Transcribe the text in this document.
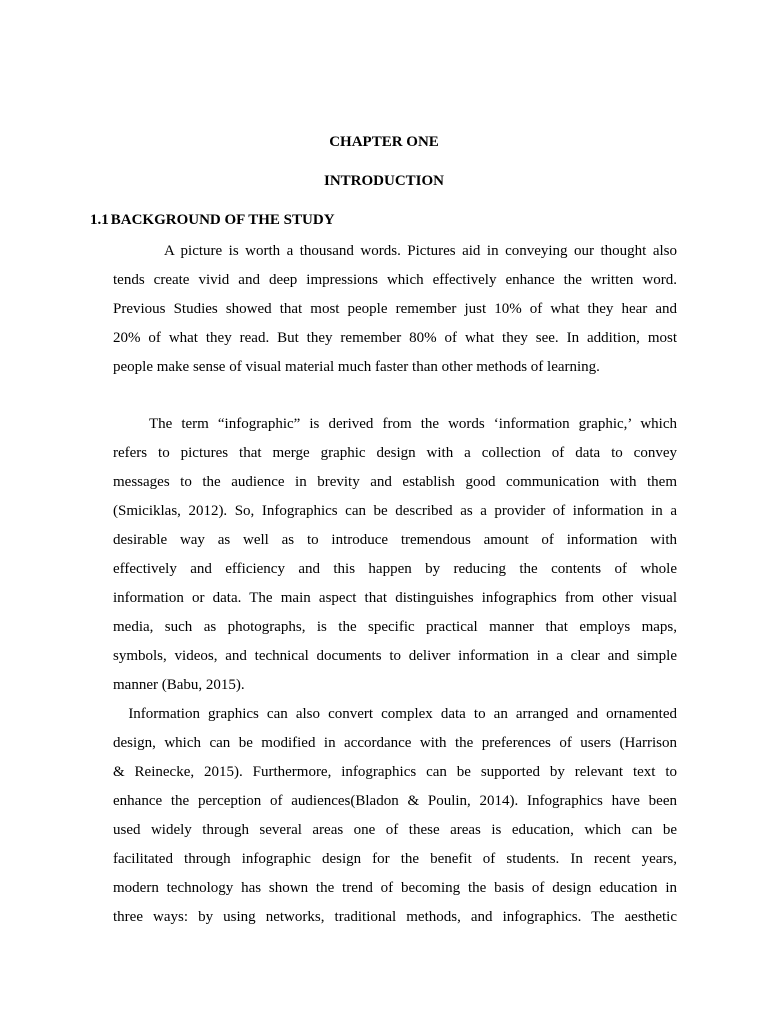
CHAPTER ONE

INTRODUCTION

1.1 BACKGROUND OF THE STUDY

A picture is worth a thousand words. Pictures aid in conveying our thought also
tends create vivid and deep impressions which effectively enhance the written word.
Previous Studies showed that most people remember just 10% of what they hear and
20% of what they read. But they remember 80% of what they see. In addition, most
people make sense of visual material much faster than other methods of learning.
The term “infographic” is derived from the words ‘information graphic,’ which
refers to pictures that merge graphic design with a collection of data to convey
messages to the audience in brevity and establish good communication with them
(Smiciklas, 2012). So, Infographics can be described as a provider of information in a
desirable way as well as to introduce tremendous amount of information with
effectively and efficiency and this happen by reducing the contents of whole
information or data. The main aspect that distinguishes infographics from other visual
media, such as photographs, is the specific practical manner that employs maps,
symbols, videos, and technical documents to deliver information in a clear and simple
manner (Babu, 2015).
Information graphics can also convert complex data to an arranged and ornamented
design, which can be modified in accordance with the preferences of users (Harrison
& Reinecke, 2015). Furthermore, infographics can be supported by relevant text to
enhance the perception of audiences(Bladon & Poulin, 2014). Infographics have been
used widely through several areas one of these areas is education, which can be
facilitated through infographic design for the benefit of students. In recent years,
modern technology has shown the trend of becoming the basis of design education in
three ways: by using networks, traditional methods, and infographics. The aesthetic
